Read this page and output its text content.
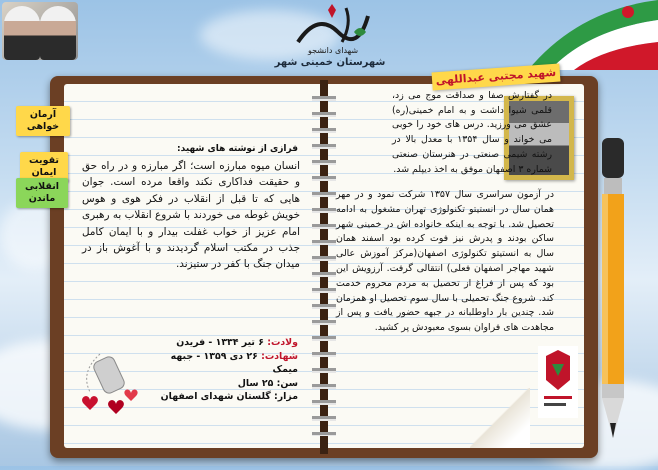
شهدای دانشجو
شهرستان خمینی شهر
آرمان خواهی
تقویت ایمان
انقلابی ماندن
شهید مجتبی عبداللهی
در گفتارش صفا و صداقت موج می زد، قلمی شیوا داشت و به امام خمینی(ره) عشق می ورزید. درس های خود را خوبی می خواند و سال ۱۳۵۴ با معدل بالا در رشته شیمی صنعتی در هنرستان صنعتی شماره ۳ اصفهان موفق به اخذ دیپلم شد.
در آزمون سراسری سال ۱۳۵۷ شرکت نمود و در مهر همان سال در انستیتو تکنولوژی تهران مشغول به ادامه تحصیل شد. با توجه به اینکه خانواده اش در خمینی شهر ساکن بودند و پدرش نیز فوت کرده بود اسفند همان سال به انستیتو تکنولوژی اصفهان(مرکز آموزش عالی شهید مهاجر اصفهان فعلی) انتقالی گرفت. آرزویش این بود که پس از فراغ از تحصیل به مردم محروم خدمت کند. شروع جنگ تحمیلی با سال سوم تحصیل او همزمان شد. چندین بار داوطلبانه در جبهه حضور یافت و پس از مجاهدت های فراوان بسوی معبودش پر کشید.
فرازی از نوشته های شهید:
انسان میوه مبارزه است؛ اگر مبارزه و در راه حق و حقیقت فداکاری نکند واقعا مرده است. جوان هایی که تا قبل از انقلاب در فکر هوی و هوس خویش غوطه می خوردند با شروع انقلاب به رهبری امام عزیز از خواب غفلت بیدار و با ایمان کامل جذب در مکتب اسلام گردیدند و با آغوش باز در میدان جنگ با کفر در ستیزند.
ولادت: ۶ تیر ۱۳۳۴ - فریدن
شهادت: ۲۶ دی ۱۳۵۹ - جبهه میمک
سن: ۲۵ سال
مزار: گلستان شهدای اصفهان
